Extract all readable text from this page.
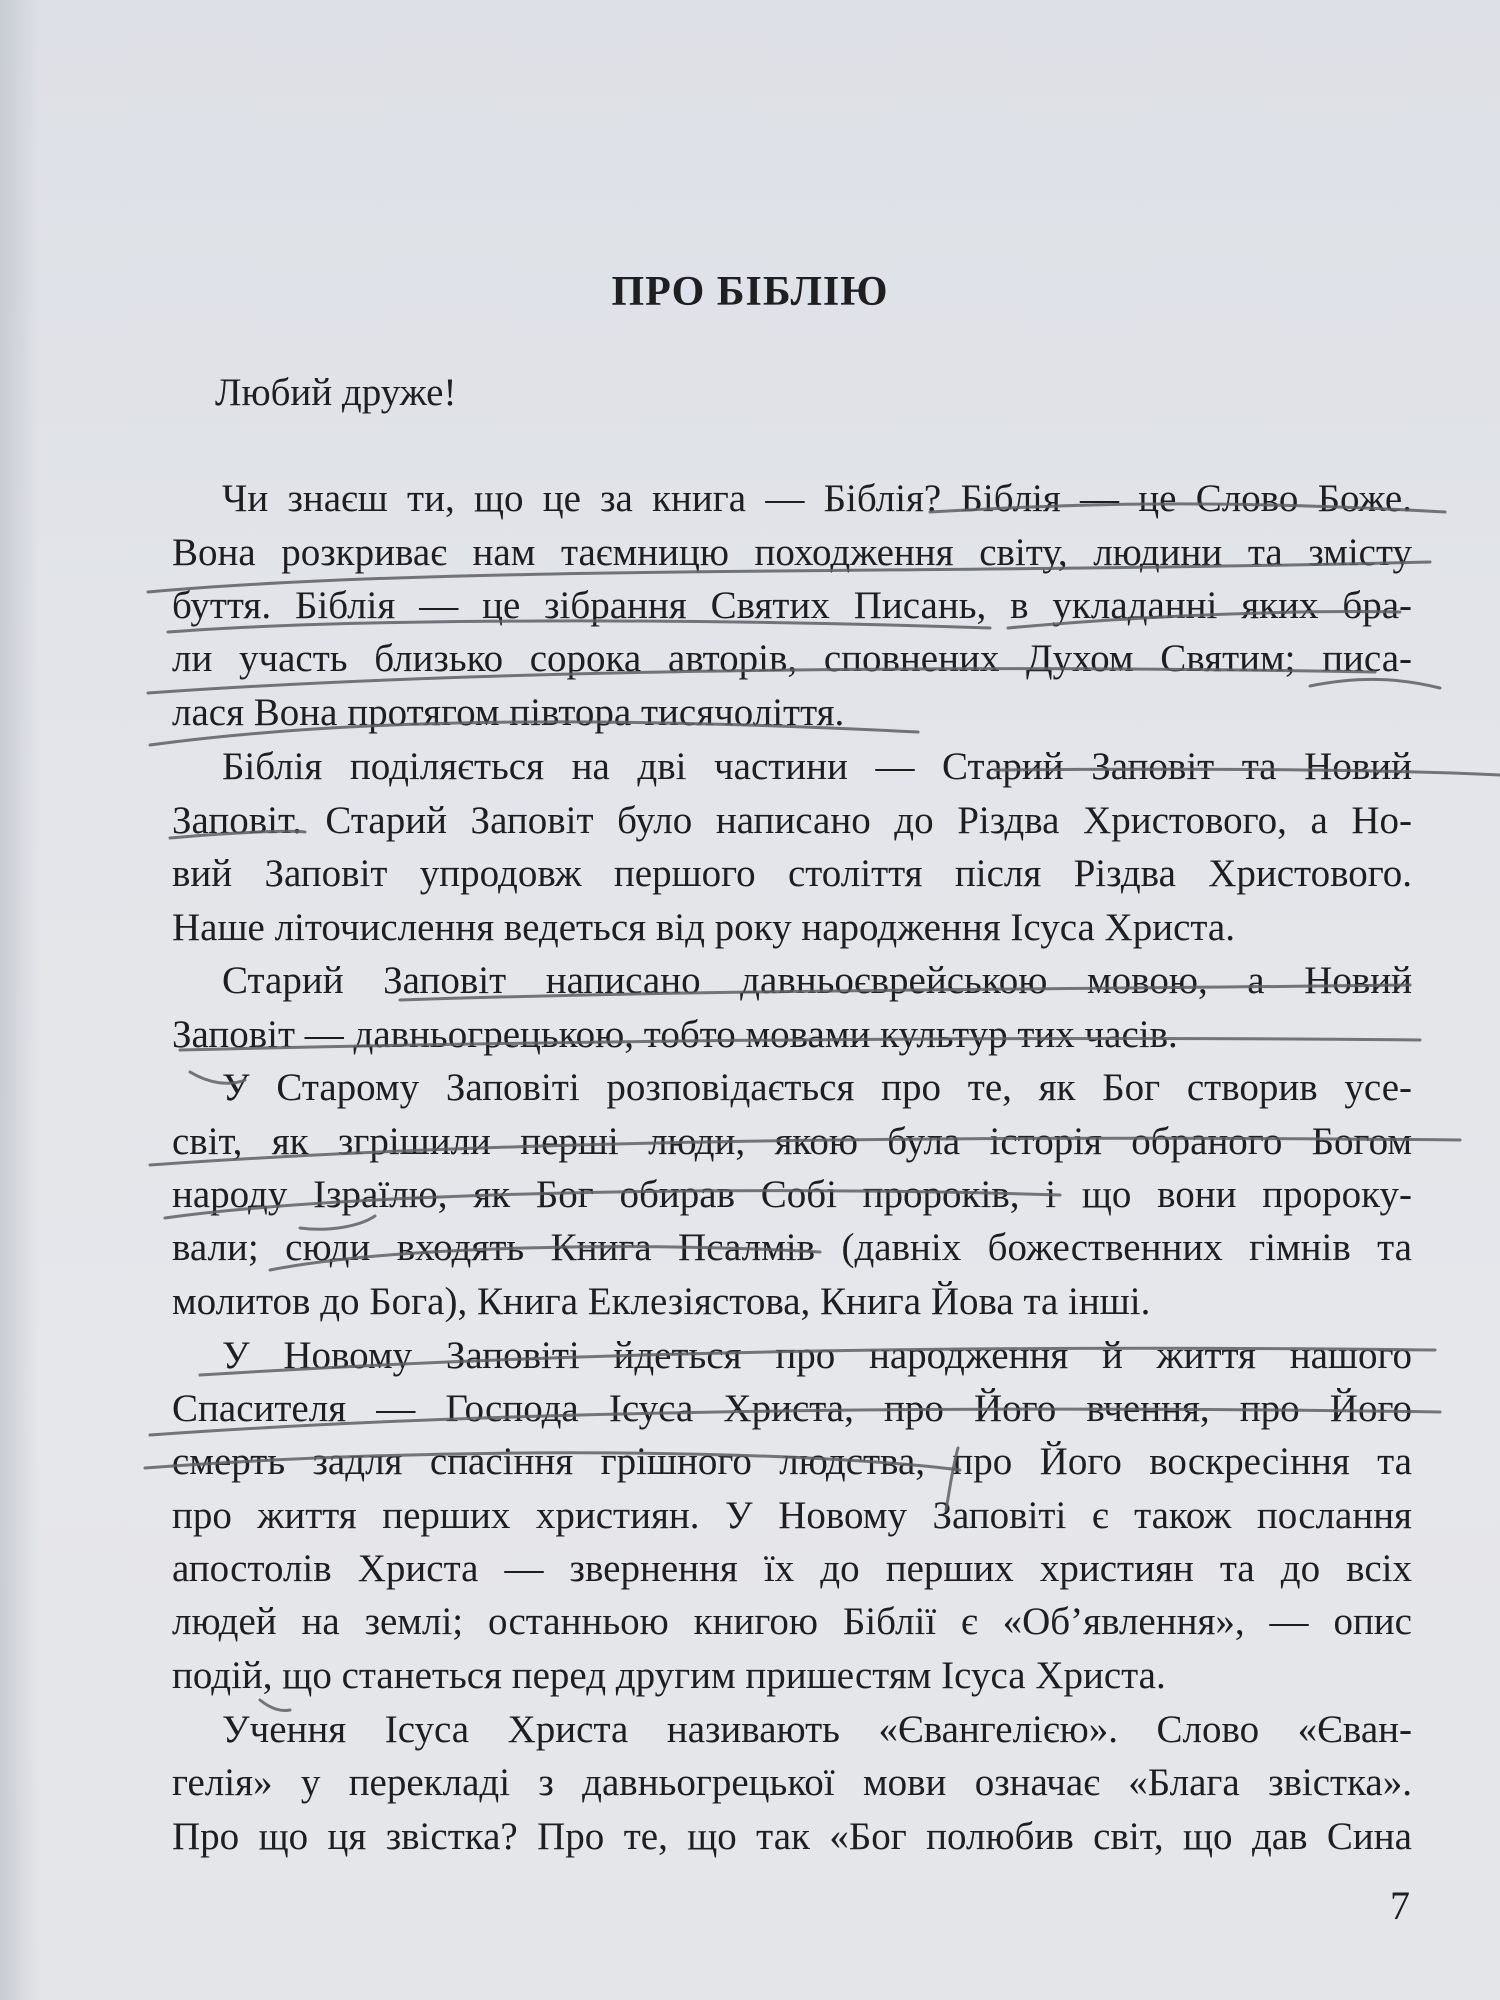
ПРО БІБЛІЮ
Любий друже!
Чи знаєш ти, що це за книга — Біблія? Біблія — це Слово Боже.
Вона розкриває нам таємницю походження світу, людини та змісту
буття. Біблія — це зібрання Святих Писань, в укладанні яких бра-
ли участь близько сорока авторів, сповнених Духом Святим; писа-
лася Вона протягом півтора тисячоліття.
Біблія поділяється на дві частини — Старий Заповіт та Новий
Заповіт. Старий Заповіт було написано до Різдва Христового, а Но-
вий Заповіт упродовж першого століття після Різдва Христового.
Наше літочислення ведеться від року народження Ісуса Христа.
Старий Заповіт написано давньоєврейською мовою, а Новий
Заповіт — давньогрецькою, тобто мовами культур тих часів.
У Старому Заповіті розповідається про те, як Бог створив усе-
світ, як згрішили перші люди, якою була історія обраного Богом
народу Ізраїлю, як Бог обирав Собі пророків, і що вони пророку-
вали; сюди входять Книга Псалмів (давніх божественних гімнів та
молитов до Бога), Книга Еклезіястова, Книга Йова та інші.
У Новому Заповіті йдеться про народження й життя нашого
Спасителя — Господа Ісуса Христа, про Його вчення, про Його
смерть задля спасіння грішного людства, про Його воскресіння та
про життя перших християн. У Новому Заповіті є також послання
апостолів Христа — звернення їх до перших християн та до всіх
людей на землі; останньою книгою Біблії є «Об’явлення», — опис
подій, що станеться перед другим пришестям Ісуса Христа.
Учення Ісуса Христа називають «Євангелією». Слово «Єван-
гелія» у перекладі з давньогрецької мови означає «Блага звістка».
Про що ця звістка? Про те, що так «Бог полюбив світ, що дав Сина
7
